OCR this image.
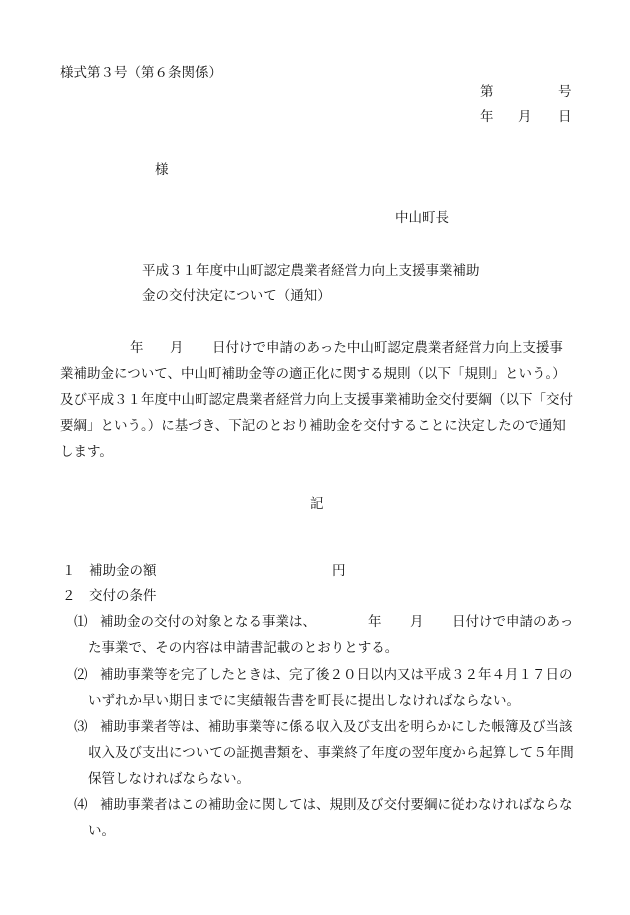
様式第３号（第６条関係）
第	号
年 月 日
様
中山町長
平成３１年度中山町認定農業者経営力向上支援事業補助
金の交付決定について（通知）
年 月 日付けで申請のあった中山町認定農業者経営力向上支援事
業補助金について、中山町補助金等の適正化に関する規則（以下「規則」という。）
及び平成３１年度中山町認定農業者経営力向上支援事業補助金交付要綱（以下「交付
要綱」という。）に基づき、下記のとおり補助金を交付することに決定したので通知
します。
記
１　補助金の額	円
２　交付の条件
⑴ 補助金の交付の対象となる事業は、	年 月 日付けで申請のあっ
た事業で、その内容は申請書記載のとおりとする。
⑵ 補助事業等を完了したときは、完了後２０日以内又は平成３２年４月１７日の
いずれか早い期日までに実績報告書を町長に提出しなければならない。
⑶ 補助事業者等は、補助事業等に係る収入及び支出を明らかにした帳簿及び当該
収入及び支出についての証拠書類を、事業終了年度の翌年度から起算して５年間
保管しなければならない。
⑷ 補助事業者はこの補助金に関しては、規則及び交付要綱に従わなければならな
い。
